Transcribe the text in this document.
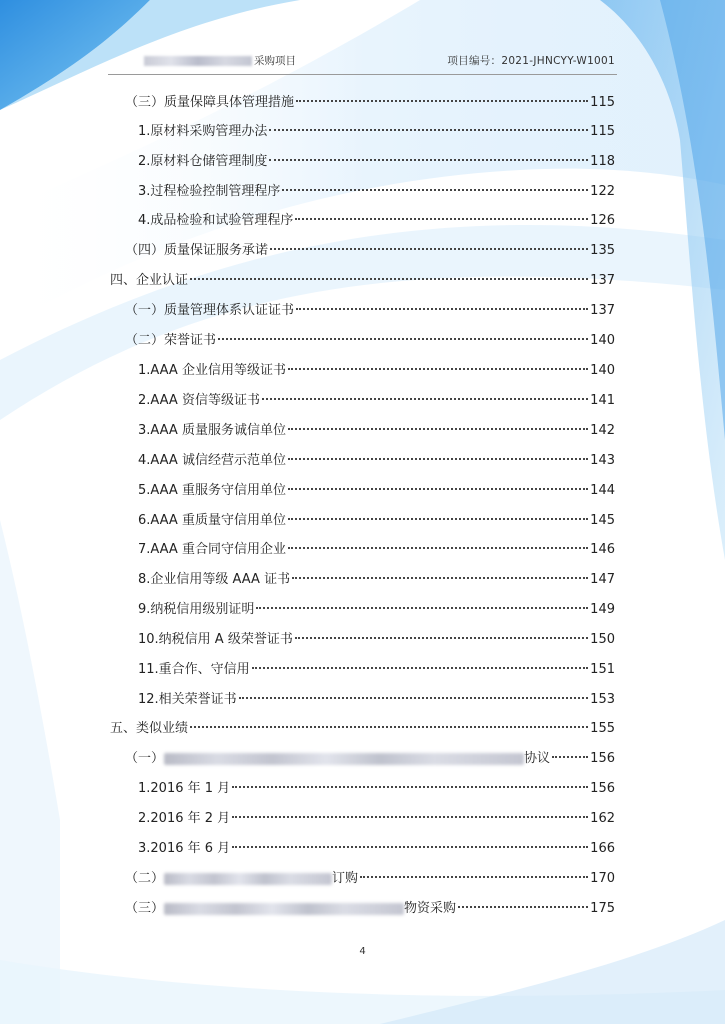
采购项目	项目编号：2021-JHNCYY-W1001
（三）质量保障具体管理措施	115
1.原材料采购管理办法	115
2.原材料仓储管理制度	118
3.过程检验控制管理程序	122
4.成品检验和试验管理程序	126
（四）质量保证服务承诺	135
四、企业认证	137
（一）质量管理体系认证证书	137
（二）荣誉证书	140
1.AAA 企业信用等级证书	140
2.AAA 资信等级证书	141
3.AAA 质量服务诚信单位	142
4.AAA 诚信经营示范单位	143
5.AAA 重服务守信用单位	144
6.AAA 重质量守信用单位	145
7.AAA 重合同守信用企业	146
8.企业信用等级 AAA 证书	147
9.纳税信用级别证明	149
10.纳税信用 A 级荣誉证书	150
11.重合作、守信用	151
12.相关荣誉证书	153
五、类似业绩	155
（一）	协议	156
1.2016 年 1 月	156
2.2016 年 2 月	162
3.2016 年 6 月	166
（二）	订购	170
（三）	物资采购	175
4
